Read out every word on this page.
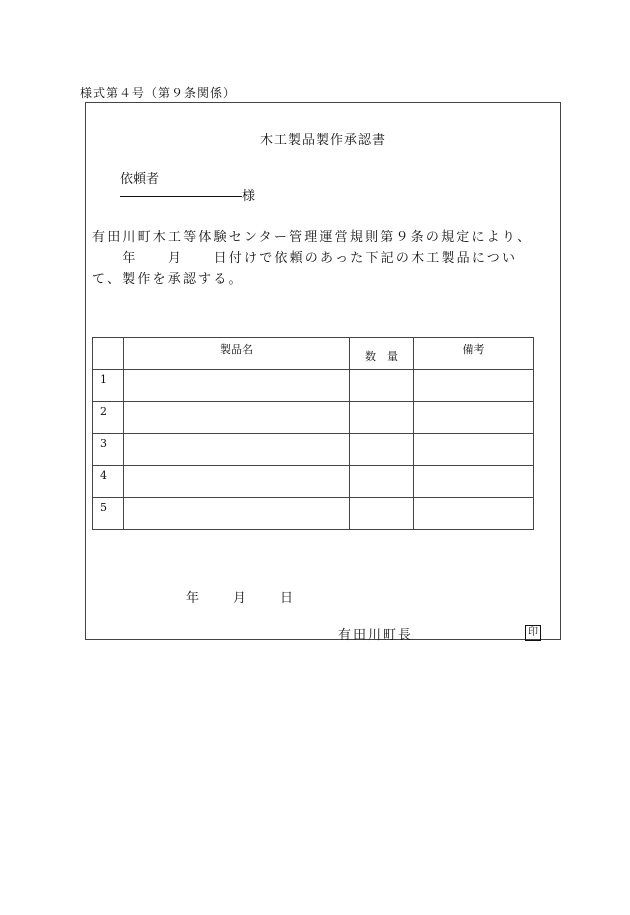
様式第４号（第９条関係）
木工製品製作承認書
依頼者
様
有田川町木工等体験センター管理運営規則第９条の規定により、
　　年　　月　　日付けで依頼のあった下記の木工製品につい
て、製作を承認する。

	製品名	数　量	備考

1			

2			

3			

4			

5			

年	月	日
有田川町長	印
